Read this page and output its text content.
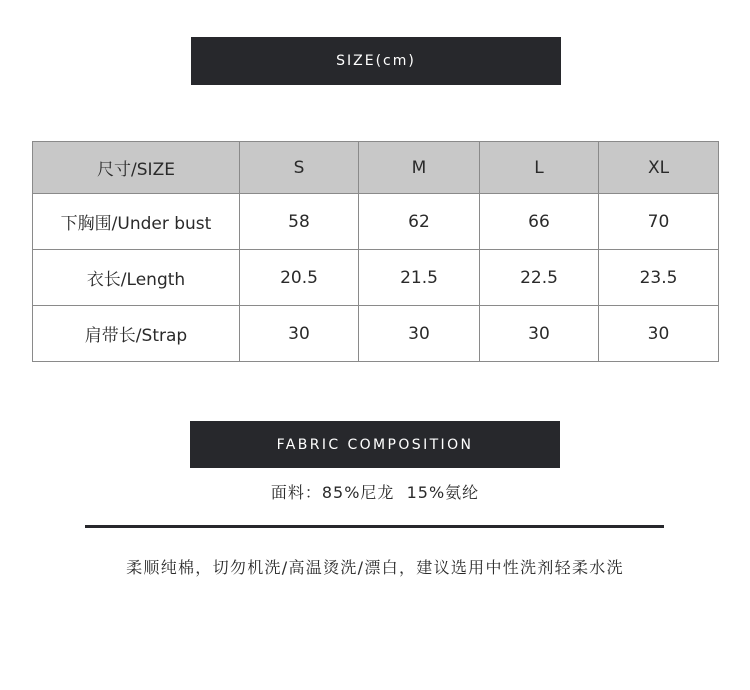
SIZE(cm)
尺寸/SIZE	S	M	L	XL
下胸围/Under bust	58	62	66	70
衣长/Length	20.5	21.5	22.5	23.5
肩带长/Strap	30	30	30	30
FABRIC COMPOSITION
面料：85%尼龙  15%氨纶
柔顺纯棉，切勿机洗/高温烫洗/漂白，建议选用中性洗剂轻柔水洗
